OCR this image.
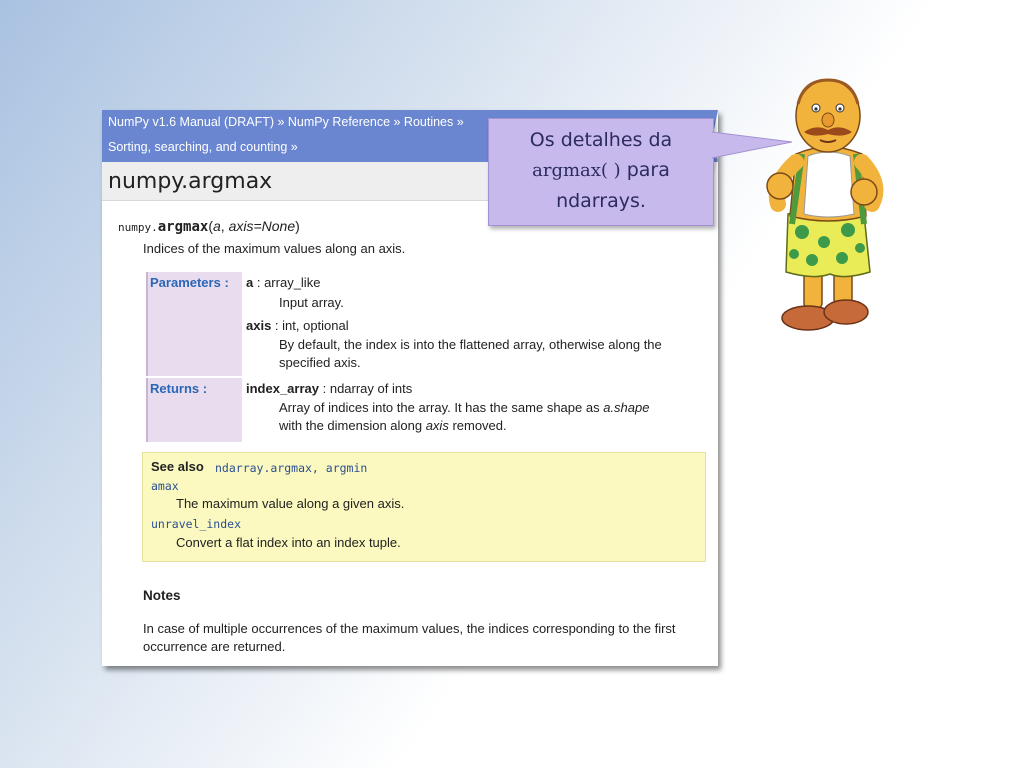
NumPy v1.6 Manual (DRAFT) » NumPy Reference » Routines »
Sorting, searching, and counting »
numpy.argmax
numpy.argmax(a, axis=None)
Indices of the maximum values along an axis.
Parameters :
Returns :
a : array_like
Input array.
axis : int, optional
By default, the index is into the flattened array, otherwise along the specified axis.
index_array : ndarray of ints
Array of indices into the array. It has the same shape as a.shape with the dimension along axis removed.
See also ndarray.argmax, argmin
amax
The maximum value along a given axis.
unravel_index
Convert a flat index into an index tuple.
Notes
In case of multiple occurrences of the maximum values, the indices corresponding to the first occurrence are returned.
Os detalhes da
argmax( ) para
ndarrays.
